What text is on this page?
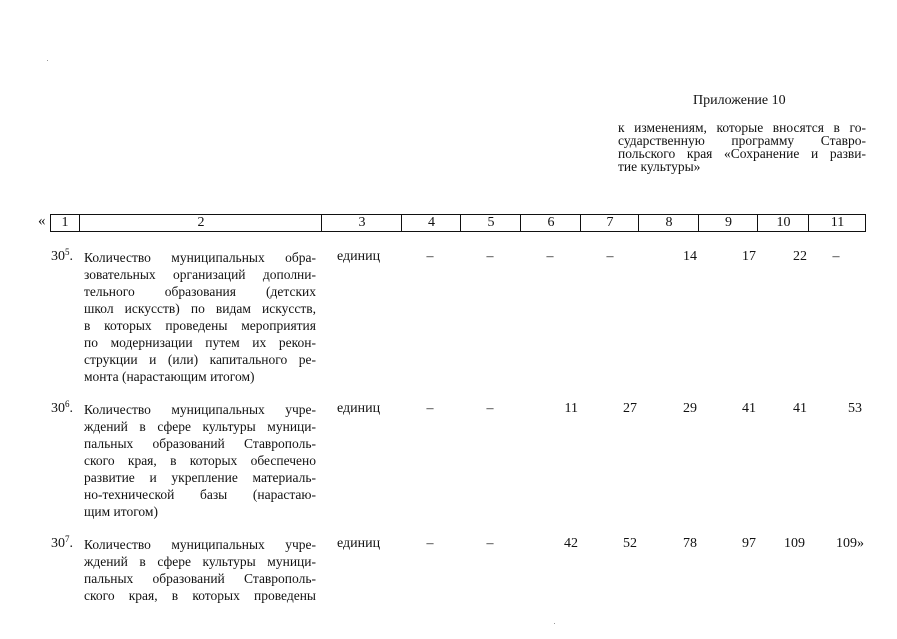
Приложение 10
к изменениям, которые вносятся в го-
сударственную программу Ставро-
польского края «Сохранение и разви-
тие культуры»
«	1	2	3	4	5	6	7	8	9	10	11
$30^5$. Количество муниципальных обра-
зовательных организаций дополни-
тельного образования (детских
школ искусств) по видам искусств,
в которых проведены мероприятия
по модернизации путем их рекон-
струкции и (или) капитального ре-
монта (нарастающим итогом)
единиц	–	–	–	–	14	17	22	–
$30^6$. Количество муниципальных учре-
ждений в сфере культуры муници-
пальных образований Ставрополь-
ского края, в которых обеспечено
развитие и укрепление материаль-
но-технической базы (нарастаю-
щим итогом)
единиц	–	–	11	27	29	41	41	53
$30^7$. Количество муниципальных учре-
ждений в сфере культуры муници-
пальных образований Ставрополь-
ского края, в которых проведены
единиц	–	–	42	52	78	97	109	109»
